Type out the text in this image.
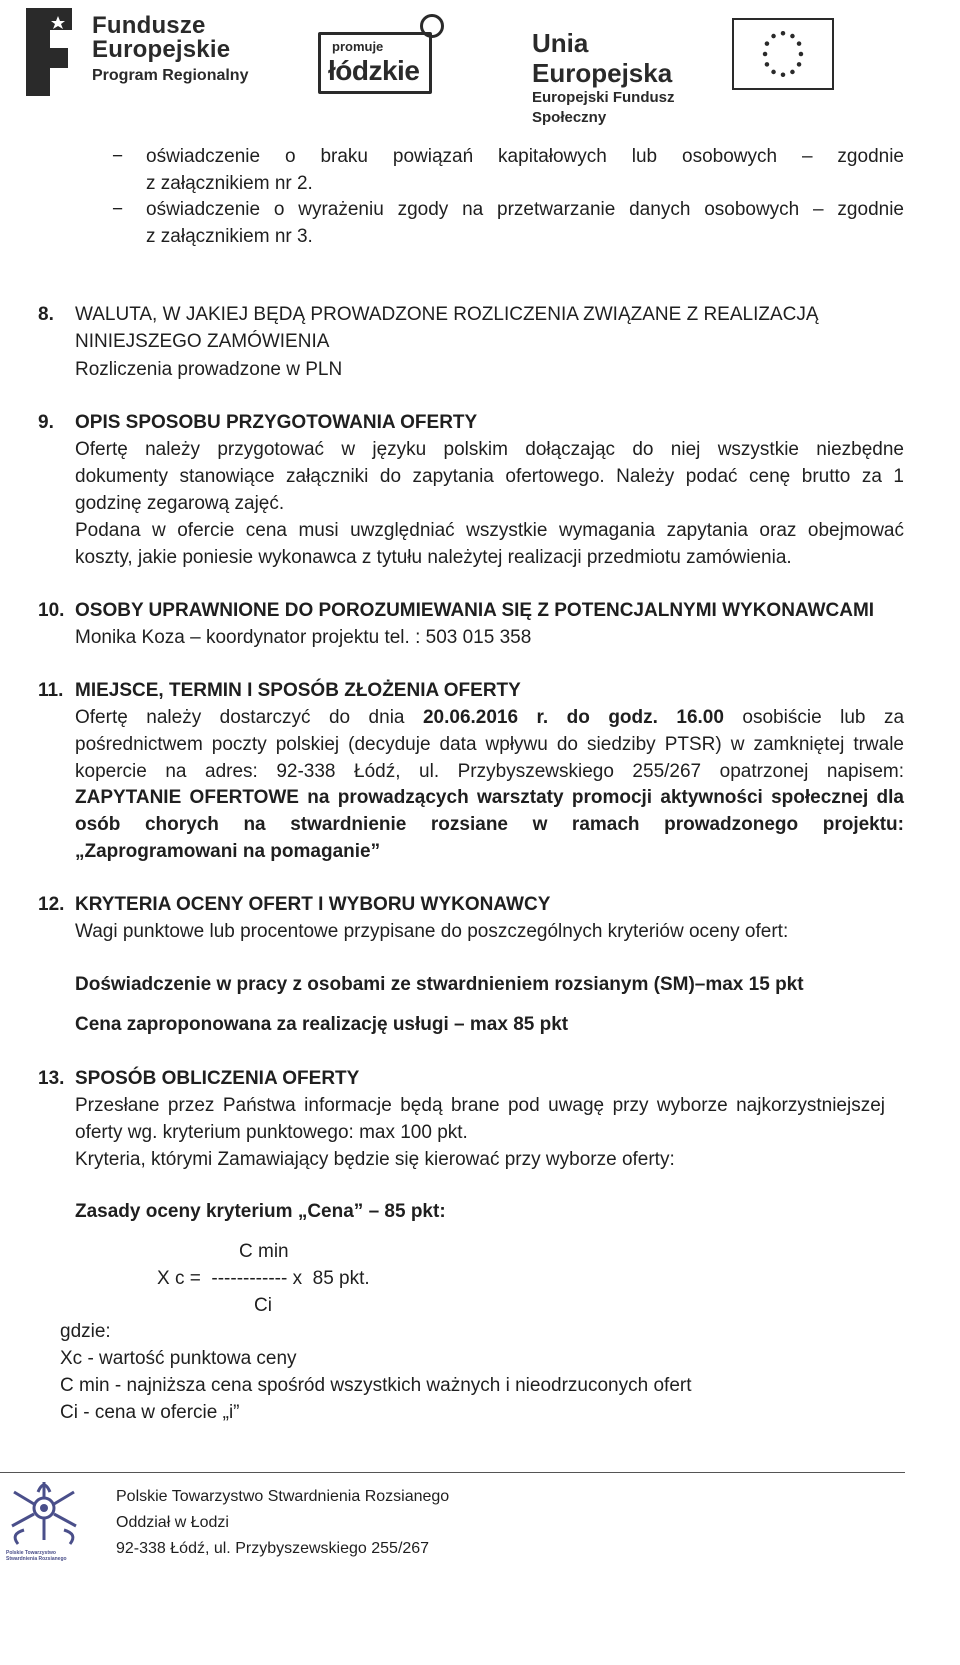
Fundusze
Europejskie
Program Regionalny
promuje
łódzkie
Unia Europejska
Europejski Fundusz Społeczny
− oświadczenie o braku powiązań kapitałowych lub osobowych – zgodnie
z załącznikiem nr 2.
− oświadczenie o wyrażeniu zgody na przetwarzanie danych osobowych – zgodnie
z załącznikiem nr 3.
8. WALUTA, W JAKIEJ BĘDĄ PROWADZONE ROZLICZENIA ZWIĄZANE Z REALIZACJĄ
NINIEJSZEGO ZAMÓWIENIA
Rozliczenia prowadzone w PLN
9. OPIS SPOSOBU PRZYGOTOWANIA OFERTY
Ofertę należy przygotować w języku polskim dołączając do niej wszystkie niezbędne
dokumenty stanowiące załączniki do zapytania ofertowego. Należy podać cenę brutto za 1
godzinę zegarową zajęć.
Podana w ofercie cena musi uwzględniać wszystkie wymagania zapytania oraz obejmować
koszty, jakie poniesie wykonawca z tytułu należytej realizacji przedmiotu zamówienia.
10. OSOBY UPRAWNIONE DO POROZUMIEWANIA SIĘ Z POTENCJALNYMI WYKONAWCAMI
Monika Koza – koordynator projektu tel. : 503 015 358
11. MIEJSCE, TERMIN I SPOSÓB ZŁOŻENIA OFERTY
Ofertę należy dostarczyć do dnia 20.06.2016 r. do godz. 16.00 osobiście lub za
pośrednictwem poczty polskiej (decyduje data wpływu do siedziby PTSR) w zamkniętej trwale
kopercie na adres: 92-338 Łódź, ul. Przybyszewskiego 255/267 opatrzonej napisem:
ZAPYTANIE OFERTOWE na prowadzących warsztaty promocji aktywności społecznej dla
osób chorych na stwardnienie rozsiane w ramach prowadzonego projektu:
„Zaprogramowani na pomaganie”
12. KRYTERIA OCENY OFERT I WYBORU WYKONAWCY
Wagi punktowe lub procentowe przypisane do poszczególnych kryteriów oceny ofert:
Doświadczenie w pracy z osobami ze stwardnieniem rozsianym (SM)–max 15 pkt
Cena zaproponowana za realizację usługi – max 85 pkt
13. SPOSÓB OBLICZENIA OFERTY
Przesłane przez Państwa informacje będą brane pod uwagę przy wyborze najkorzystniejszej
oferty wg. kryterium punktowego: max 100 pkt.
Kryteria, którymi Zamawiający będzie się kierować przy wyborze oferty:
Zasady oceny kryterium „Cena” – 85 pkt:
C min
X c =  ------------ x  85 pkt.
Ci
gdzie:
Xc - wartość punktowa ceny
C min - najniższa cena spośród wszystkich ważnych i nieodrzuconych ofert
Ci - cena w ofercie „i”
Polskie Towarzystwo Stwardnienia Rozsianego
Polskie Towarzystwo Stwardnienia Rozsianego
Oddział w Łodzi
92-338 Łódź, ul. Przybyszewskiego 255/267
